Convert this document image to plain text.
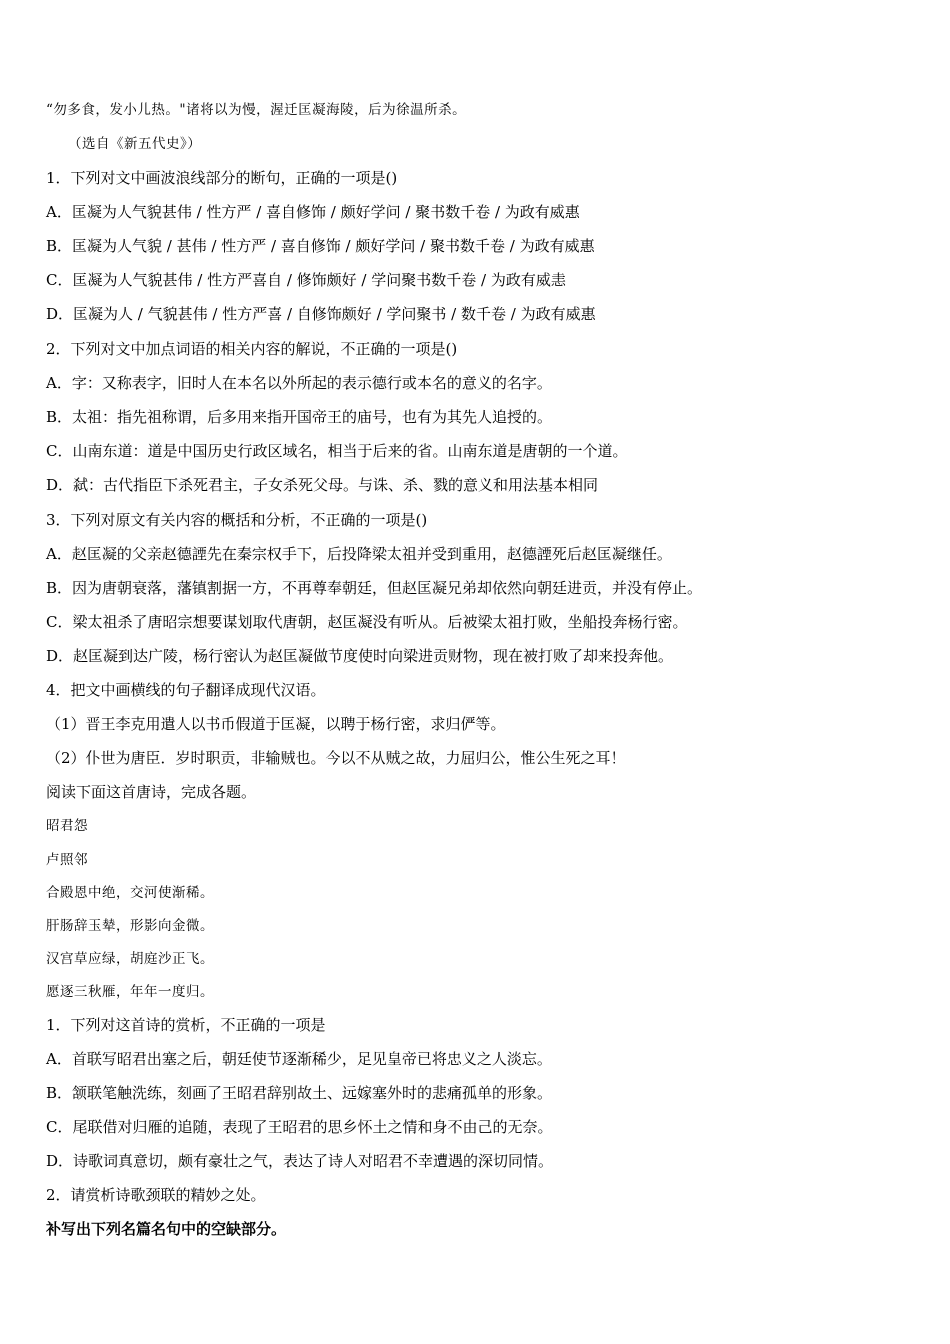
“勿多食，发小儿热。"诸将以为慢，渥迁匡凝海陵，后为徐温所杀。
（选自《新五代史》）
1．下列对文中画波浪线部分的断句，正确的一项是()
A．匡凝为人气貌甚伟 / 性方严 / 喜自修饰 / 颇好学问 / 聚书数千卷 / 为政有威惠
B．匡凝为人气貌 / 甚伟 / 性方严 / 喜自修饰 / 颇好学问 / 聚书数千卷 / 为政有威惠
C．匡凝为人气貌甚伟 / 性方严喜自 / 修饰颇好 / 学问聚书数千卷 / 为政有威恚
D．匡凝为人 / 气貌甚伟 / 性方严喜 / 自修饰颇好 / 学问聚书 / 数千卷 / 为政有威惠
2．下列对文中加点词语的相关内容的解说，不正确的一项是()
A．字：又称表字，旧时人在本名以外所起的表示德行或本名的意义的名字。
B．太祖：指先祖称谓，后多用来指开国帝王的庙号，也有为其先人追授的。
C．山南东道：道是中国历史行政区域名，相当于后来的省。山南东道是唐朝的一个道。
D．弑：古代指臣下杀死君主，子女杀死父母。与诛、杀、戮的意义和用法基本相同
3．下列对原文有关内容的概括和分析，不正确的一项是()
A．赵匡凝的父亲赵德諲先在秦宗权手下，后投降梁太祖并受到重用，赵德諲死后赵匡凝继任。
B．因为唐朝衰落，藩镇割据一方，不再尊奉朝廷，但赵匡凝兄弟却依然向朝廷进贡，并没有停止。
C．梁太祖杀了唐昭宗想要谋划取代唐朝，赵匡凝没有听从。后被梁太祖打败，坐船投奔杨行密。
D．赵匡凝到达广陵，杨行密认为赵匡凝做节度使时向梁进贡财物，现在被打败了却来投奔他。
4．把文中画横线的句子翻译成现代汉语。
（1）晋王李克用遣人以书币假道于匡凝，以聘于杨行密，求归俨等。
（2）仆世为唐臣．岁时职贡，非输贼也。今以不从贼之故，力屈归公，惟公生死之耳！
阅读下面这首唐诗，完成各题。
昭君怨
卢照邻
合殿恩中绝，交河使渐稀。
肝肠辞玉辇，形影向金微。
汉宫草应绿，胡庭沙正飞。
愿逐三秋雁，年年一度归。
1．下列对这首诗的赏析，不正确的一项是
A．首联写昭君出塞之后，朝廷使节逐渐稀少，足见皇帝已将忠义之人淡忘。
B．颔联笔触洗练，刻画了王昭君辞别故土、远嫁塞外时的悲痛孤单的形象。
C．尾联借对归雁的追随，表现了王昭君的思乡怀土之情和身不由己的无奈。
D．诗歌词真意切，颇有豪壮之气，表达了诗人对昭君不幸遭遇的深切同情。
2．请赏析诗歌颈联的精妙之处。
补写出下列名篇名句中的空缺部分。
